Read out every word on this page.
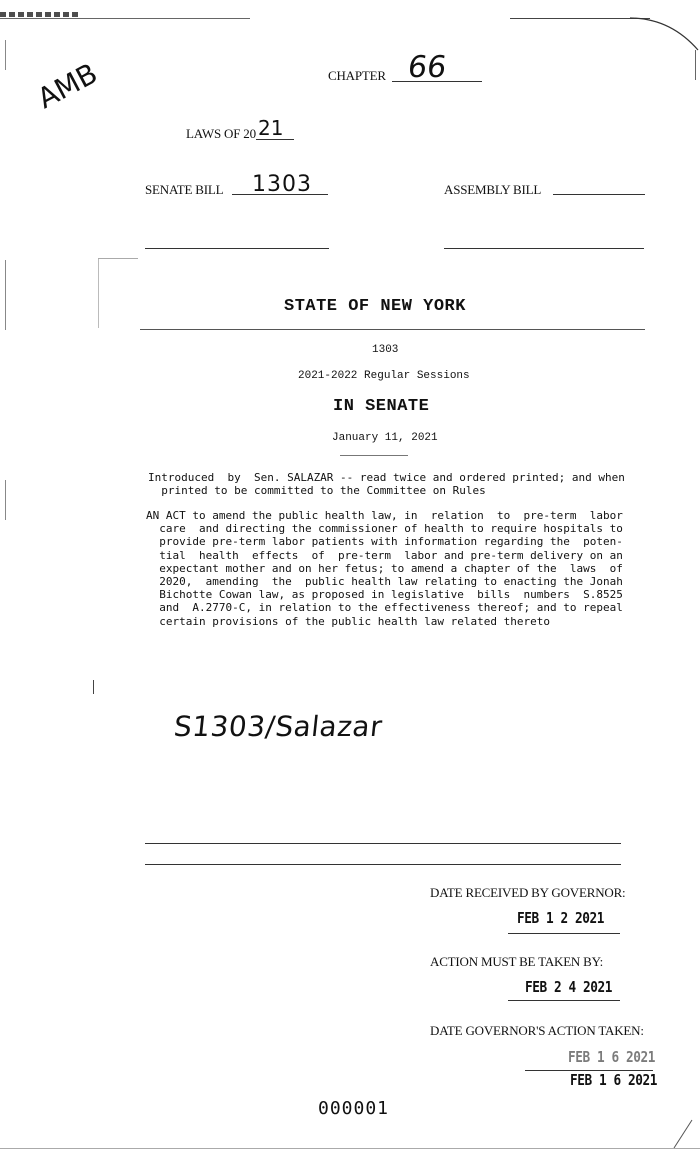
CHAPTER 66
AMB
LAWS OF 20 21
SENATE BILL 1303	ASSEMBLY BILL
STATE OF NEW YORK
1303
2021-2022 Regular Sessions
IN SENATE
January 11, 2021
Introduced  by  Sen. SALAZAR -- read twice and ordered printed; and when
printed to be committed to the Committee on Rules
AN ACT to amend the public health law, in  relation  to  pre-term  labor
care  and directing the commissioner of health to require hospitals to
provide pre-term labor patients with information regarding the  poten-
tial  health  effects  of  pre-term  labor and pre-term delivery on an
expectant mother and on her fetus; to amend a chapter of the  laws  of
2020,  amending  the  public health law relating to enacting the Jonah
Bichotte Cowan law, as proposed in legislative  bills  numbers  S.8525
and  A.2770-C, in relation to the effectiveness thereof; and to repeal
certain provisions of the public health law related thereto
S1303/Salazar
DATE RECEIVED BY GOVERNOR:
FEB 1 2 2021
ACTION MUST BE TAKEN BY:
FEB 2 4 2021
DATE GOVERNOR'S ACTION TAKEN:
FEB 1 6 2021
FEB 1 6 2021
000001
